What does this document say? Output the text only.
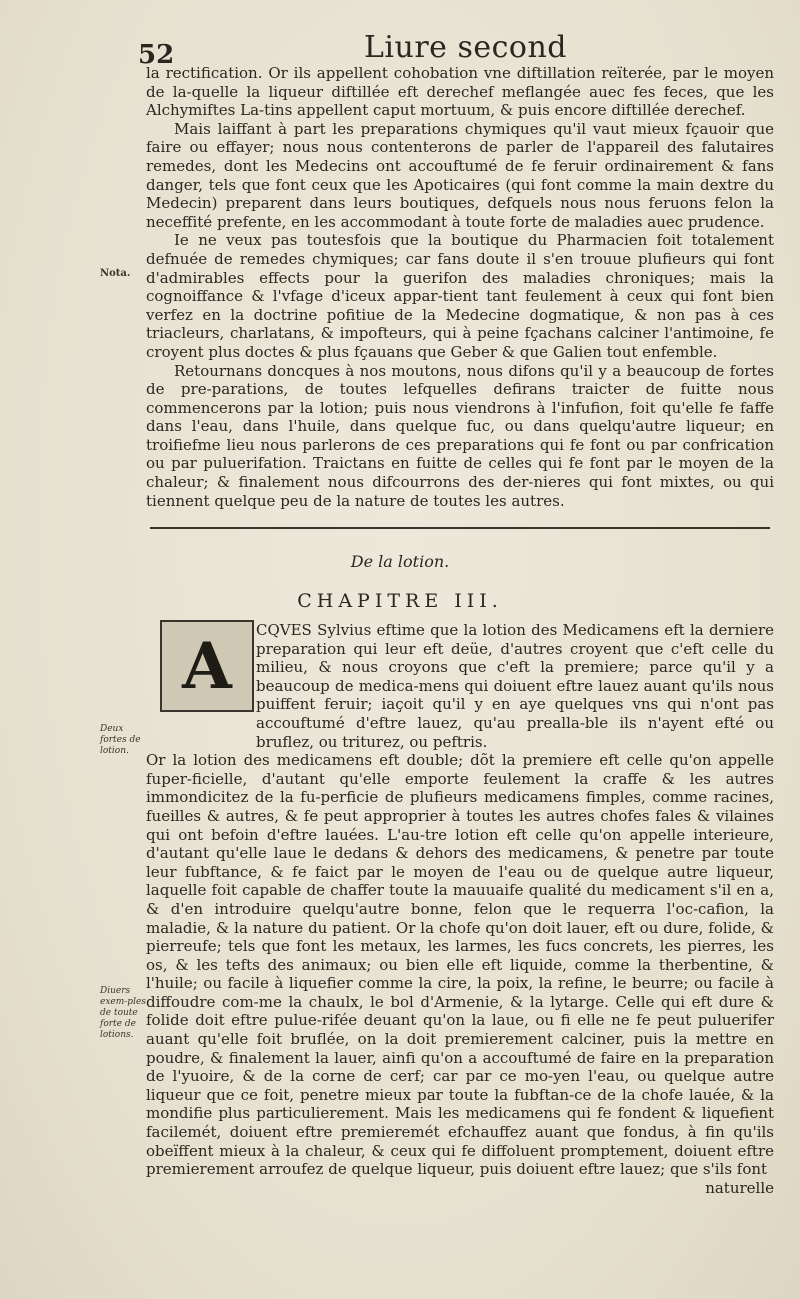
52	Liure second

la rectification. Or ils appellent cohobation vne diftillation reïterée, par le moyen de la-quelle la liqueur diftillée eft derechef meflangée auec fes feces, que les Alchymiftes La-tins appellent caput mortuum, & puis encore diftillée derechef.

Mais laiffant à part les preparations chymiques qu'il vaut mieux fçauoir que faire ou effayer; nous nous contenterons de parler de l'appareil des falutaires remedes, dont les Medecins ont accouftumé de fe feruir ordinairement & fans danger, tels que font ceux que les Apoticaires (qui font comme la main dextre du Medecin) preparent dans leurs boutiques, defquels nous nous feruons felon la neceffité prefente, en les accommodant à toute forte de maladies auec prudence.

Ie ne veux pas toutesfois que la boutique du Pharmacien foit totalement defnuée de remedes chymiques; car fans doute il s'en trouue plufieurs qui font d'admirables effects pour la guerifon des maladies chroniques; mais la cognoiffance & l'vfage d'iceux appar-tient tant feulement à ceux qui font bien verfez en la doctrine pofitiue de la Medecine dogmatique, & non pas à ces triacleurs, charlatans, & impofteurs, qui à peine fçachans calciner l'antimoine, fe croyent plus doctes & plus fçauans que Geber & que Galien tout enfemble.

Retournans doncques à nos moutons, nous difons qu'il y a beaucoup de fortes de pre-parations, de toutes lefquelles defirans traicter de fuitte nous commencerons par la lotion; puis nous viendrons à l'infufion, foit qu'elle fe faffe dans l'eau, dans l'huile, dans quelque fuc, ou dans quelqu'autre liqueur; en troifiefme lieu nous parlerons de ces preparations qui fe font ou par confrication ou par puluerifation. Traictans en fuitte de celles qui fe font par le moyen de la chaleur; & finalement nous difcourrons des der-nieres qui font mixtes, ou qui tiennent quelque peu de la nature de toutes les autres.

Nota.
De la lotion.
CHAPITRE III.
A	CQVES Sylvius eftime que la lotion des Medicamens eft la derniere preparation qui leur eft deüe, d'autres croyent que c'eft celle du milieu, & nous croyons que c'eft la premiere; parce qu'il y a beaucoup de medica-mens qui doiuent eftre lauez auant qu'ils nous puiffent feruir; iaçoit qu'il y en aye quelques vns qui n'ont pas accouftumé d'eftre lauez, qu'au prealla-ble ils n'ayent efté ou bruflez, ou triturez, ou peftris.

Or la lotion des medicamens eft double; dõt la premiere eft celle qu'on appelle fuper-ficielle, d'autant qu'elle emporte feulement la craffe & les autres immondicitez de la fu-perficie de plufieurs medicamens fimples, comme racines, fueilles & autres, & fe peut approprier à toutes les autres chofes fales & vilaines qui ont befoin d'eftre lauées. L'au-tre lotion eft celle qu'on appelle interieure, d'autant qu'elle laue le dedans & dehors des medicamens, & penetre par toute leur fubftance, & fe faict par le moyen de l'eau ou de quelque autre liqueur, laquelle foit capable de chaffer toute la mauuaife qualité du medicament s'il en a, & d'en introduire quelqu'autre bonne, felon que le requerra l'oc-cafion, la maladie, & la nature du patient. Or la chofe qu'on doit lauer, eft ou dure, folide, & pierreufe; tels que font les metaux, les larmes, les fucs concrets, les pierres, les os, & les tefts des animaux; ou bien elle eft liquide, comme la therbentine, & l'huile; ou facile à liquefier comme la cire, la poix, la refine, le beurre; ou facile à diffoudre com-me la chaulx, le bol d'Armenie, & la lytarge. Celle qui eft dure & folide doit eftre pulue-rifée deuant qu'on la laue, ou fi elle ne fe peut puluerifer auant qu'elle foit bruflée, on la doit premierement calciner, puis la mettre en poudre, & finalement la lauer, ainfi qu'on a accouftumé de faire en la preparation de l'yuoire, & de la corne de cerf; car par ce mo-yen l'eau, ou quelque autre liqueur que ce foit, penetre mieux par toute la fubftan-ce de la chofe lauée, & la mondifie plus particulierement. Mais les medicamens qui fe fondent & liquefient facilemét, doiuent eftre premieremét efchauffez auant que fondus, à fin qu'ils obeïffent mieux à la chaleur, & ceux qui fe diffoluent promptement, doiuent eftre premierement arroufez de quelque liqueur, puis doiuent eftre lauez; que s'ils font

naturelle

Deux fortes de lotion.
Diuers exem-ples de toute forte de lotions.
